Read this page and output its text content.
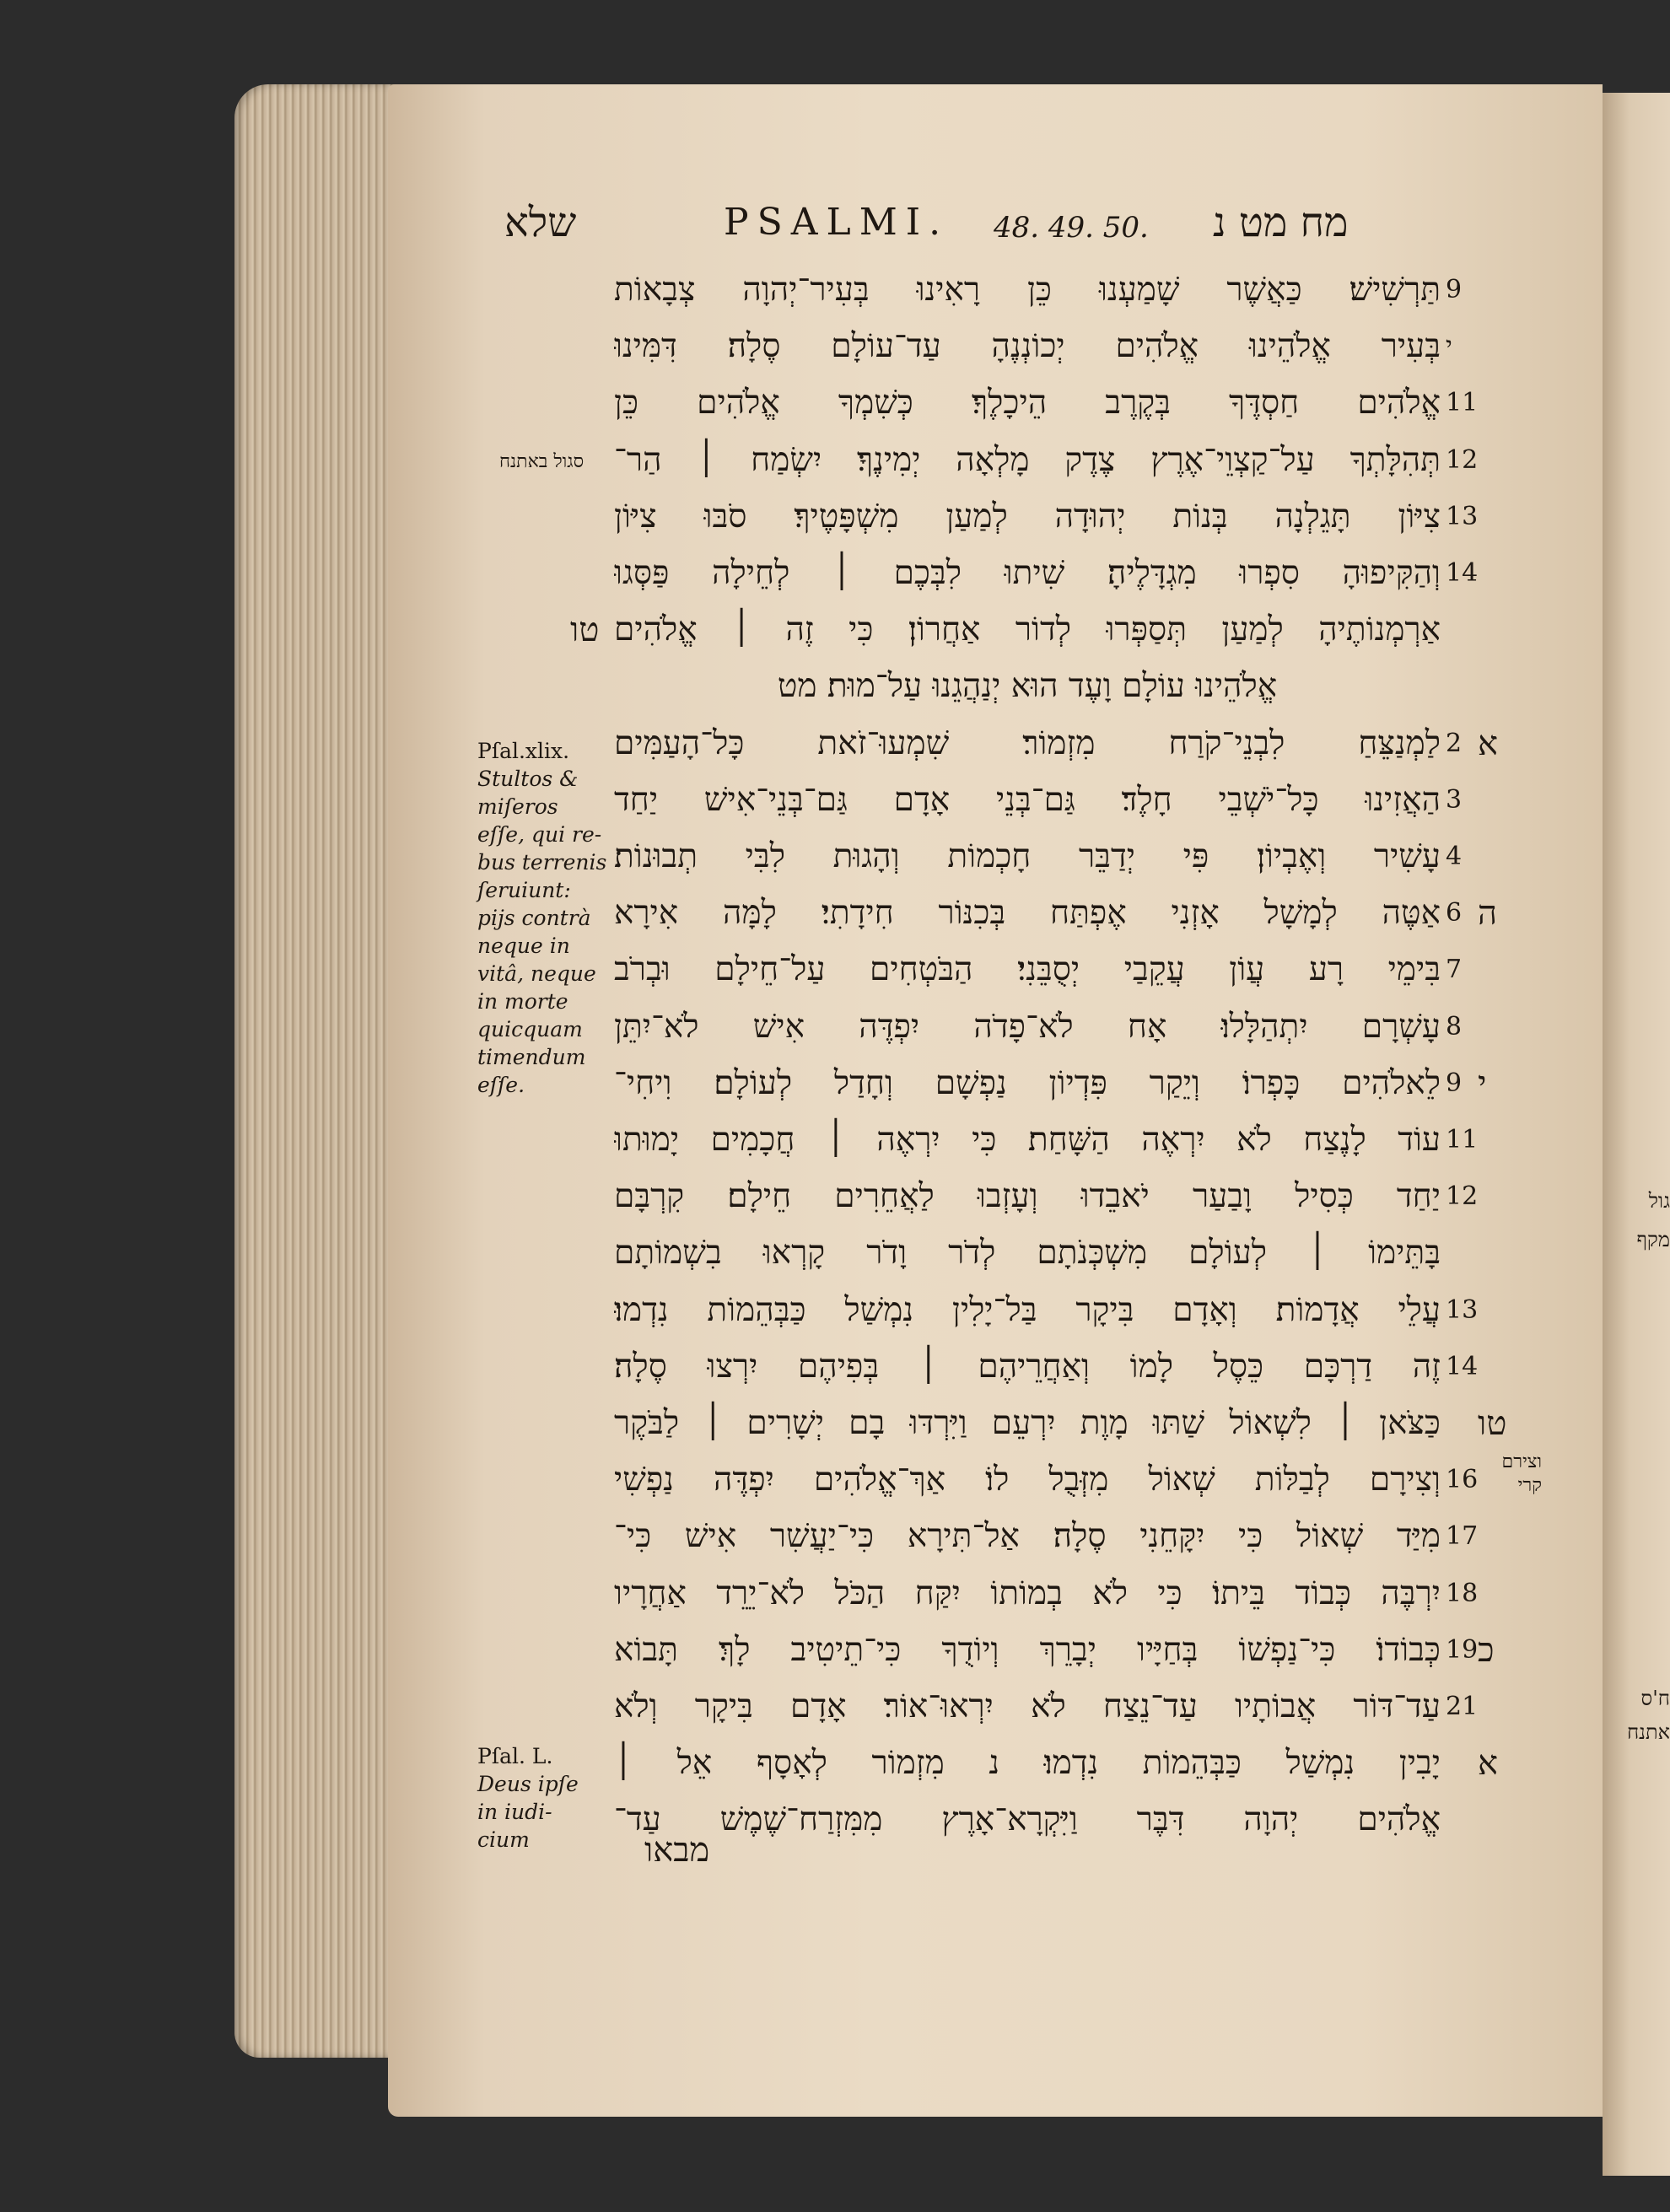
גול
מקף
ח'ס
אתנח
שלא	PSALMI. 48. 49. 50. מח מט נ
סגול באתנח
וצירם קרי
Pſal.xlix.
Stultos &
miſeros
eſſe, qui re-
bus terrenis
ſeruiunt:
pijs contrà
neque in
vitâ, neque
in morte
quicquam
timendum
eſſe.
Pſal. L.
Deus ipſe
in iudi-
cium
תַּרְשִׁישׁ׃ כַּאֲשֶׁר שָׁמַעְנוּ כֵּן רָאִינוּ בְּעִיר־יְהוָה צְבָאוֹת 9
בְּעִיר אֱלֹהֵינוּ אֱלֹהִים יְכוֹנְנֶהָ עַד־עוֹלָם סֶלָה׃ דִּמִּינוּ י
אֱלֹהִים חַסְדֶּךָ בְּקֶרֶב הֵיכָלֶךָ׃ כְּשִׁמְךָ אֱלֹהִים כֵּן 11
תְּהִלָּתְךָ עַל־קַצְוֵי־אֶרֶץ צֶדֶק מָלְאָה יְמִינֶךָ׃ יִשְׂמַח ׀ הַר־ 12
צִיּוֹן תָּגֵלְנָה בְּנוֹת יְהוּדָה לְמַעַן מִשְׁפָּטֶיךָ׃ סֹבּוּ צִיּוֹן 13
וְהַקִּיפוּהָ סִפְרוּ מִגְדָּלֶיהָ׃ שִׁיתוּ לִבְּכֶם ׀ לְחֵילָה פַּסְּגוּ 14
אַרְמְנוֹתֶיהָ לְמַעַן תְּסַפְּרוּ לְדוֹר אַחֲרוֹן׃ כִּי זֶה ׀ אֱלֹהִים
טו
אֱלֹהֵינוּ עוֹלָם וָעֶד הוּא יְנַהֲגֵנוּ עַל־מוּת׃ מט
לַמְנַצֵּחַ לִבְנֵי־קֹרַח מִזְמוֹר׃ שִׁמְעוּ־זֹאת כָּל־הָעַמִּים 2 א
הַאֲזִינוּ כָּל־יֹשְׁבֵי חָלֶד׃ גַּם־בְּנֵי אָדָם גַּם־בְּנֵי־אִישׁ יַחַד 3
עָשִׁיר וְאֶבְיוֹן׃ פִּי יְדַבֵּר חָכְמוֹת וְהָגוּת לִבִּי תְבוּנוֹת׃ 4
אַטֶּה לְמָשָׁל אָזְנִי אֶפְתַּח בְּכִנּוֹר חִידָתִי׃ לָמָּה אִירָא 6 ה
בִּימֵי רָע עֲוֹן עֲקֵבַי יְסֻבֵּנִי׃ הַבֹּטְחִים עַל־חֵילָם וּבְרֹב 7
עָשְׁרָם יִתְהַלָּלוּ׃ אָח לֹא־פָדֹה יִפְדֶּה אִישׁ לֹא־יִתֵּן 8
לֵאלֹהִים כָּפְרוֹ׃ וְיֵקַר פִּדְיוֹן נַפְשָׁם וְחָדַל לְעוֹלָם׃ וִיחִי־ 9 י
עוֹד לָנֶצַח לֹא יִרְאֶה הַשָּׁחַת׃ כִּי יִרְאֶה ׀ חֲכָמִים יָמוּתוּ 11
יַחַד כְּסִיל וָבַעַר יֹאבֵדוּ וְעָזְבוּ לַאֲחֵרִים חֵילָם׃ קִרְבָּם 12
בָּתֵּימוֹ ׀ לְעוֹלָם מִשְׁכְּנֹתָם לְדֹר וָדֹר קָרְאוּ בִשְׁמוֹתָם
עֲלֵי אֲדָמוֹת׃ וְאָדָם בִּיקָר בַּל־יָלִין נִמְשַׁל כַּבְּהֵמוֹת נִדְמוּ׃ 13
זֶה דַרְכָּם כֵּסֶל לָמוֹ וְאַחֲרֵיהֶם ׀ בְּפִיהֶם יִרְצוּ סֶלָה׃ 14
כַּצֹּאן ׀ לִשְׁאוֹל שַׁתּוּ מָוֶת יִרְעֵם וַיִּרְדּוּ בָם יְשָׁרִים ׀ לַבֹּקֶר טו
וְצִירָם לְבַלּוֹת שְׁאוֹל מִזְּבֻל לוֹ׃ אַךְ־אֱלֹהִים יִפְדֶּה נַפְשִׁי 16
מִיַּד שְׁאוֹל כִּי יִקָּחֵנִי סֶלָה׃ אַל־תִּירָא כִּי־יַעֲשִׁר אִישׁ כִּי־ 17
יִרְבֶּה כְּבוֹד בֵּיתוֹ׃ כִּי לֹא בְמוֹתוֹ יִקַּח הַכֹּל לֹא־יֵרֵד אַחֲרָיו 18
כְּבוֹדוֹ׃ כִּי־נַפְשׁוֹ בְּחַיָּיו יְבָרֵךְ וְיוֹדֻךָ כִּי־תֵיטִיב לָךְ׃ תָּבוֹא 19 כ
עַד־דּוֹר אֲבוֹתָיו עַד־נֵצַח לֹא יִרְאוּ־אוֹר׃ אָדָם בִּיקָר וְלֹא 21
יָבִין נִמְשַׁל כַּבְּהֵמוֹת נִדְמוּ׃ נ מִזְמוֹר לְאָסָף אֵל ׀ א
אֱלֹהִים יְהוָה דִּבֶּר וַיִּקְרָא־אָרֶץ מִמִּזְרַח־שֶׁמֶשׁ עַד־
מבאו
